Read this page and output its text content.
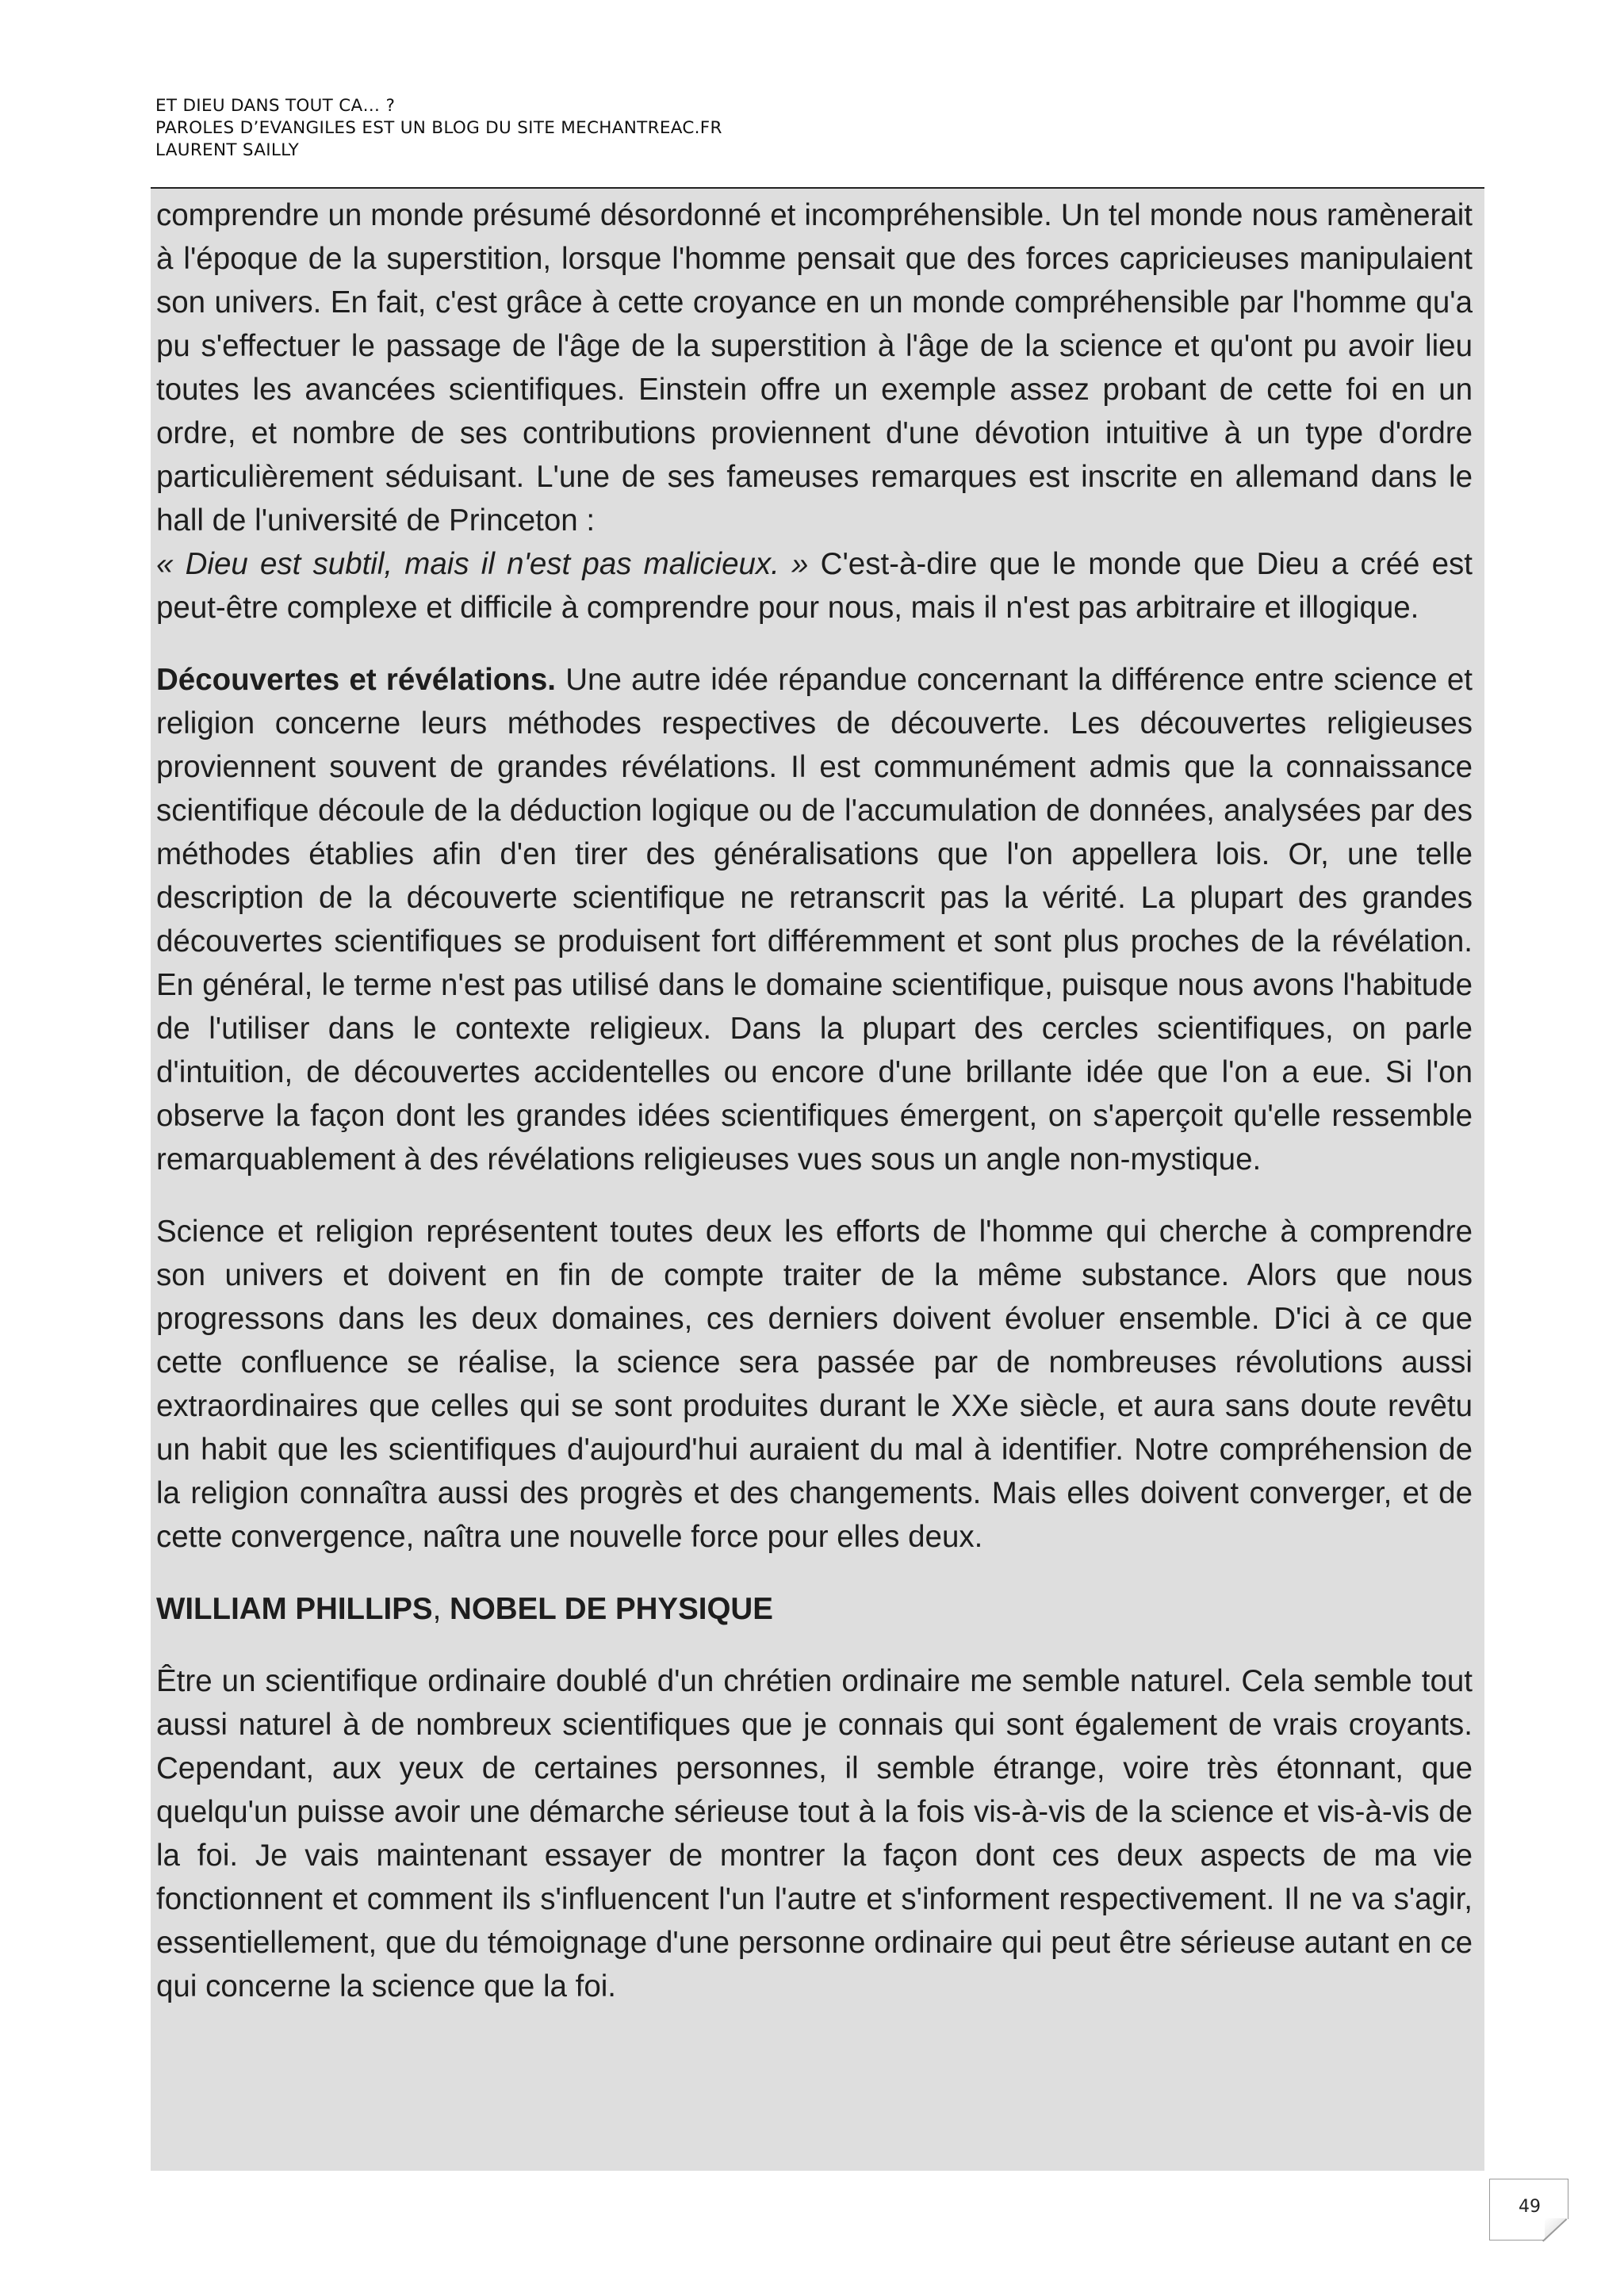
ET DIEU DANS TOUT CA… ?
PAROLES D’EVANGILES EST UN BLOG DU SITE MECHANTREAC.FR
LAURENT SAILLY

comprendre un monde présumé désordonné et incompréhensible. Un tel monde nous ramènerait à l'époque de la superstition, lorsque l'homme pensait que des forces capricieuses manipulaient son univers. En fait, c'est grâce à cette croyance en un monde compréhensible par l'homme qu'a pu s'effectuer le passage de l'âge de la superstition à l'âge de la science et qu'ont pu avoir lieu toutes les avancées scientifiques. Einstein offre un exemple assez probant de cette foi en un ordre, et nombre de ses contributions proviennent d'une dévotion intuitive à un type d'ordre particulièrement séduisant. L'une de ses fameuses remarques est inscrite en allemand dans le hall de l'université de Princeton :
« Dieu est subtil, mais il n'est pas malicieux. » C'est-à-dire que le monde que Dieu a créé est peut-être complexe et difficile à comprendre pour nous, mais il n'est pas arbitraire et illogique.

Découvertes et révélations. Une autre idée répandue concernant la différence entre science et religion concerne leurs méthodes respectives de découverte. Les découvertes religieuses proviennent souvent de grandes révélations. Il est communément admis que la connaissance scientifique découle de la déduction logique ou de l'accumulation de données, analysées par des méthodes établies afin d'en tirer des généralisations que l'on appellera lois. Or, une telle description de la découverte scientifique ne retranscrit pas la vérité. La plupart des grandes découvertes scientifiques se produisent fort différemment et sont plus proches de la révélation. En général, le terme n'est pas utilisé dans le domaine scientifique, puisque nous avons l'habitude de l'utiliser dans le contexte religieux. Dans la plupart des cercles scientifiques, on parle d'intuition, de découvertes accidentelles ou encore d'une brillante idée que l'on a eue. Si l'on observe la façon dont les grandes idées scientifiques émergent, on s'aperçoit qu'elle ressemble remarquablement à des révélations religieuses vues sous un angle non-mystique.

Science et religion représentent toutes deux les efforts de l'homme qui cherche à comprendre son univers et doivent en fin de compte traiter de la même substance. Alors que nous progressons dans les deux domaines, ces derniers doivent évoluer ensemble. D'ici à ce que cette confluence se réalise, la science sera passée par de nombreuses révolutions aussi extraordinaires que celles qui se sont produites durant le XXe siècle, et aura sans doute revêtu un habit que les scientifiques d'aujourd'hui auraient du mal à identifier. Notre compréhension de la religion connaîtra aussi des progrès et des changements. Mais elles doivent converger, et de cette convergence, naîtra une nouvelle force pour elles deux.

WILLIAM PHILLIPS, NOBEL DE PHYSIQUE

Être un scientifique ordinaire doublé d'un chrétien ordinaire me semble naturel. Cela semble tout aussi naturel à de nombreux scientifiques que je connais qui sont également de vrais croyants. Cependant, aux yeux de certaines personnes, il semble étrange, voire très étonnant, que quelqu'un puisse avoir une démarche sérieuse tout à la fois vis-à-vis de la science et vis-à-vis de la foi. Je vais maintenant essayer de montrer la façon dont ces deux aspects de ma vie fonctionnent et comment ils s'influencent l'un l'autre et s'informent respectivement. Il ne va s'agir, essentiellement, que du témoignage d'une personne ordinaire qui peut être sérieuse autant en ce qui concerne la science que la foi.

49
